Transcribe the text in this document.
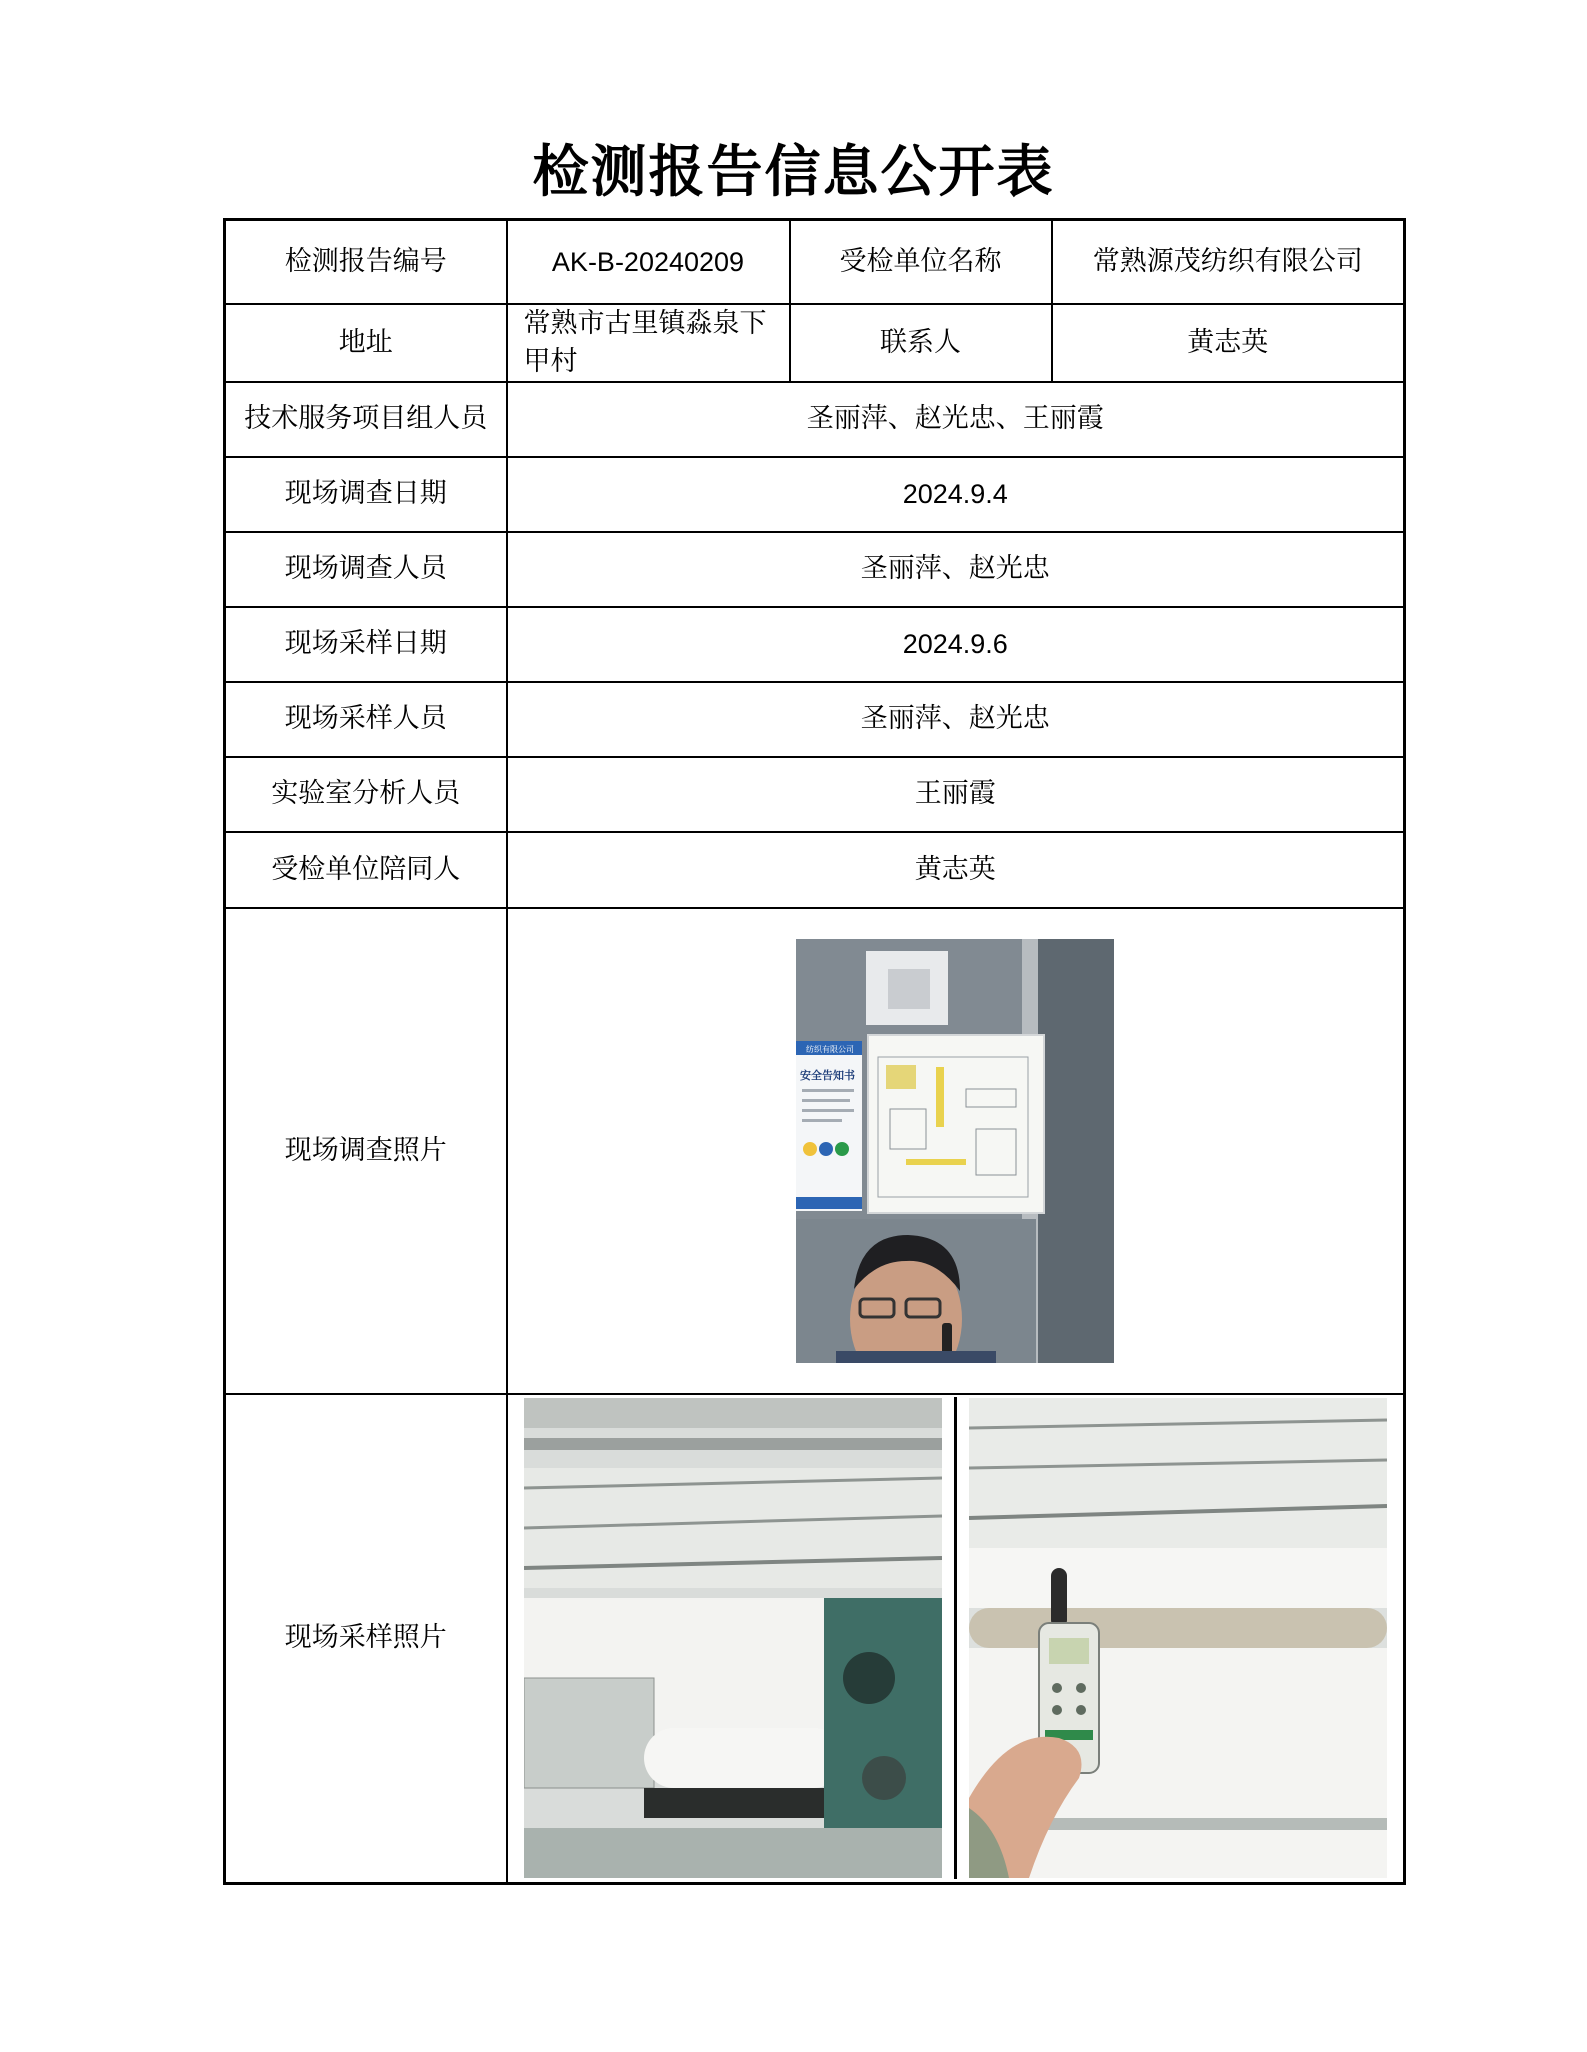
检测报告信息公开表
检测报告编号	AK-B-20240209	受检单位名称	常熟源茂纺织有限公司
地址	常熟市古里镇淼泉下甲村	联系人	黄志英
技术服务项目组人员	圣丽萍、赵光忠、王丽霞		
现场调查日期	2024.9.4		
现场调查人员	圣丽萍、赵光忠		
现场采样日期	2024.9.6		
现场采样人员	圣丽萍、赵光忠		
实验室分析人员	王丽霞		
受检单位陪同人	黄志英		
现场调查照片	纺织有限公司
安全告知书		

现场采样照片	
